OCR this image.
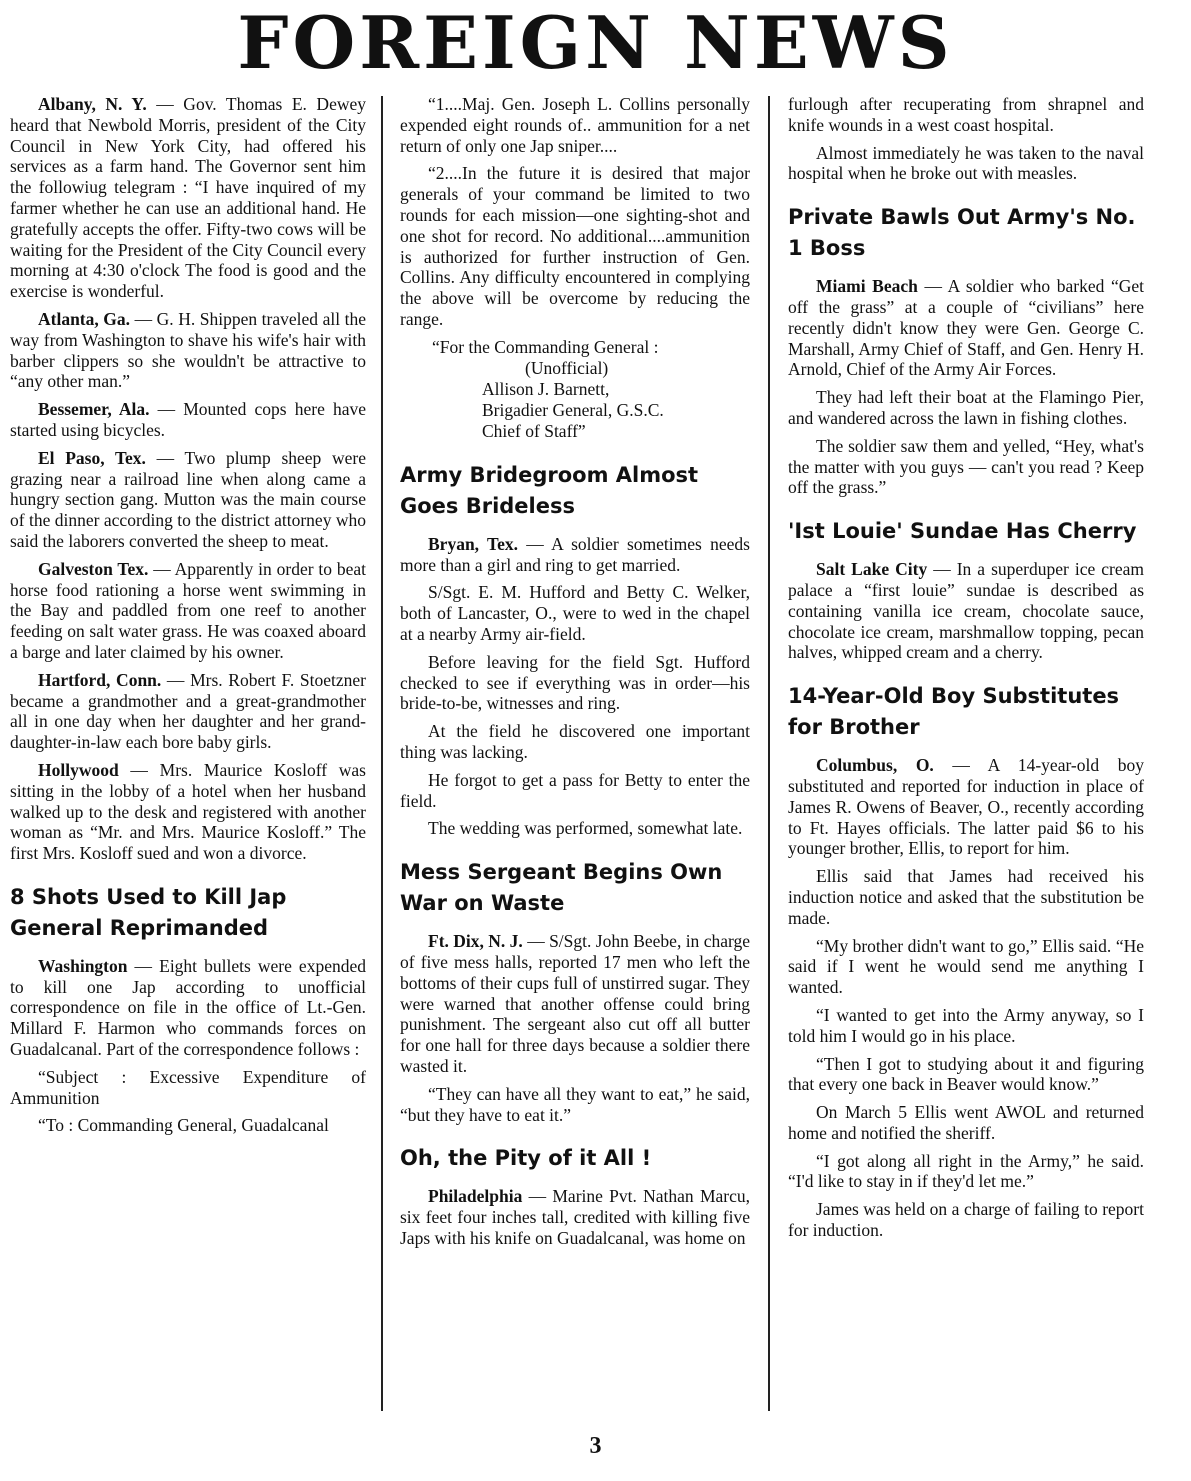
FOREIGN NEWS

Albany, N. Y. — Gov. Thomas E. Dewey heard that Newbold Morris, president of the City Council in New York City, had offered his services as a farm hand. The Governor sent him the followiug telegram : “I have inquired of my farmer whether he can use an additional hand. He gratefully accepts the offer. Fifty-two cows will be waiting for the President of the City Council every morning at 4:30 o'clock The food is good and the exercise is wonderful.

Atlanta, Ga. — G. H. Shippen traveled all the way from Washington to shave his wife's hair with barber clippers so she wouldn't be attractive to “any other man.”

Bessemer, Ala. — Mounted cops here have started using bicycles.

El Paso, Tex. — Two plump sheep were grazing near a railroad line when along came a hungry section gang. Mutton was the main course of the dinner according to the district attorney who said the laborers converted the sheep to meat.

Galveston Tex. — Apparently in order to beat horse food rationing a horse went swimming in the Bay and paddled from one reef to another feeding on salt water grass. He was coaxed aboard a barge and later claimed by his owner.

Hartford, Conn. — Mrs. Robert F. Stoetzner became a grandmother and a great-grandmother all in one day when her daughter and her grand-daughter-in-law each bore baby girls.

Hollywood — Mrs. Maurice Kosloff was sitting in the lobby of a hotel when her husband walked up to the desk and registered with another woman as “Mr. and Mrs. Maurice Kosloff.” The first Mrs. Kosloff sued and won a divorce.

8 Shots Used to Kill Jap General Reprimanded

Washington — Eight bullets were expended to kill one Jap according to unofficial correspondence on file in the office of Lt.-Gen. Millard F. Harmon who commands forces on Guadalcanal. Part of the correspondence follows :

“Subject : Excessive Expenditure of Ammunition

“To : Commanding General, Guadalcanal

“1....Maj. Gen. Joseph L. Collins personally expended eight rounds of.. ammunition for a net return of only one Jap sniper....

“2....In the future it is desired that major generals of your command be limited to two rounds for each mission—one sighting-shot and one shot for record. No additional....ammunition is authorized for further instruction of Gen. Collins. Any difficulty encountered in complying the above will be overcome by reducing the range.

“For the Commanding General :
(Unofficial)
Allison J. Barnett,
Brigadier General, G.S.C.
Chief of Staff”
Army Bridegroom Almost Goes Brideless

Bryan, Tex. — A soldier sometimes needs more than a girl and ring to get married.

S/Sgt. E. M. Hufford and Betty C. Welker, both of Lancaster, O., were to wed in the chapel at a nearby Army air-field.

Before leaving for the field Sgt. Hufford checked to see if everything was in order—his bride-to-be, witnesses and ring.

At the field he discovered one important thing was lacking.

He forgot to get a pass for Betty to enter the field.

The wedding was performed, somewhat late.

Mess Sergeant Begins Own War on Waste

Ft. Dix, N. J. — S/Sgt. John Beebe, in charge of five mess halls, reported 17 men who left the bottoms of their cups full of unstirred sugar. They were warned that another offense could bring punishment. The sergeant also cut off all butter for one hall for three days because a soldier there wasted it.

“They can have all they want to eat,” he said, “but they have to eat it.”

Oh, the Pity of it All !

Philadelphia — Marine Pvt. Nathan Marcu, six feet four inches tall, credited with killing five Japs with his knife on Guadalcanal, was home on

furlough after recuperating from shrapnel and knife wounds in a west coast hospital.

Almost immediately he was taken to the naval hospital when he broke out with measles.

Private Bawls Out Army's No. 1 Boss

Miami Beach — A soldier who barked “Get off the grass” at a couple of “civilians” here recently didn't know they were Gen. George C. Marshall, Army Chief of Staff, and Gen. Henry H. Arnold, Chief of the Army Air Forces.

They had left their boat at the Flamingo Pier, and wandered across the lawn in fishing clothes.

The soldier saw them and yelled, “Hey, what's the matter with you guys — can't you read ? Keep off the grass.”

'Ist Louie' Sundae Has Cherry

Salt Lake City — In a superduper ice cream palace a “first louie” sundae is described as containing vanilla ice cream, chocolate sauce, chocolate ice cream, marshmallow topping, pecan halves, whipped cream and a cherry.

14-Year-Old Boy Substitutes for Brother

Columbus, O. — A 14-year-old boy substituted and reported for induction in place of James R. Owens of Beaver, O., recently according to Ft. Hayes officials. The latter paid $6 to his younger brother, Ellis, to report for him.

Ellis said that James had received his induction notice and asked that the substitution be made.

“My brother didn't want to go,” Ellis said. “He said if I went he would send me anything I wanted.

“I wanted to get into the Army anyway, so I told him I would go in his place.

“Then I got to studying about it and figuring that every one back in Beaver would know.”

On March 5 Ellis went AWOL and returned home and notified the sheriff.

“I got along all right in the Army,” he said. “I'd like to stay in if they'd let me.”

James was held on a charge of failing to report for induction.

3
